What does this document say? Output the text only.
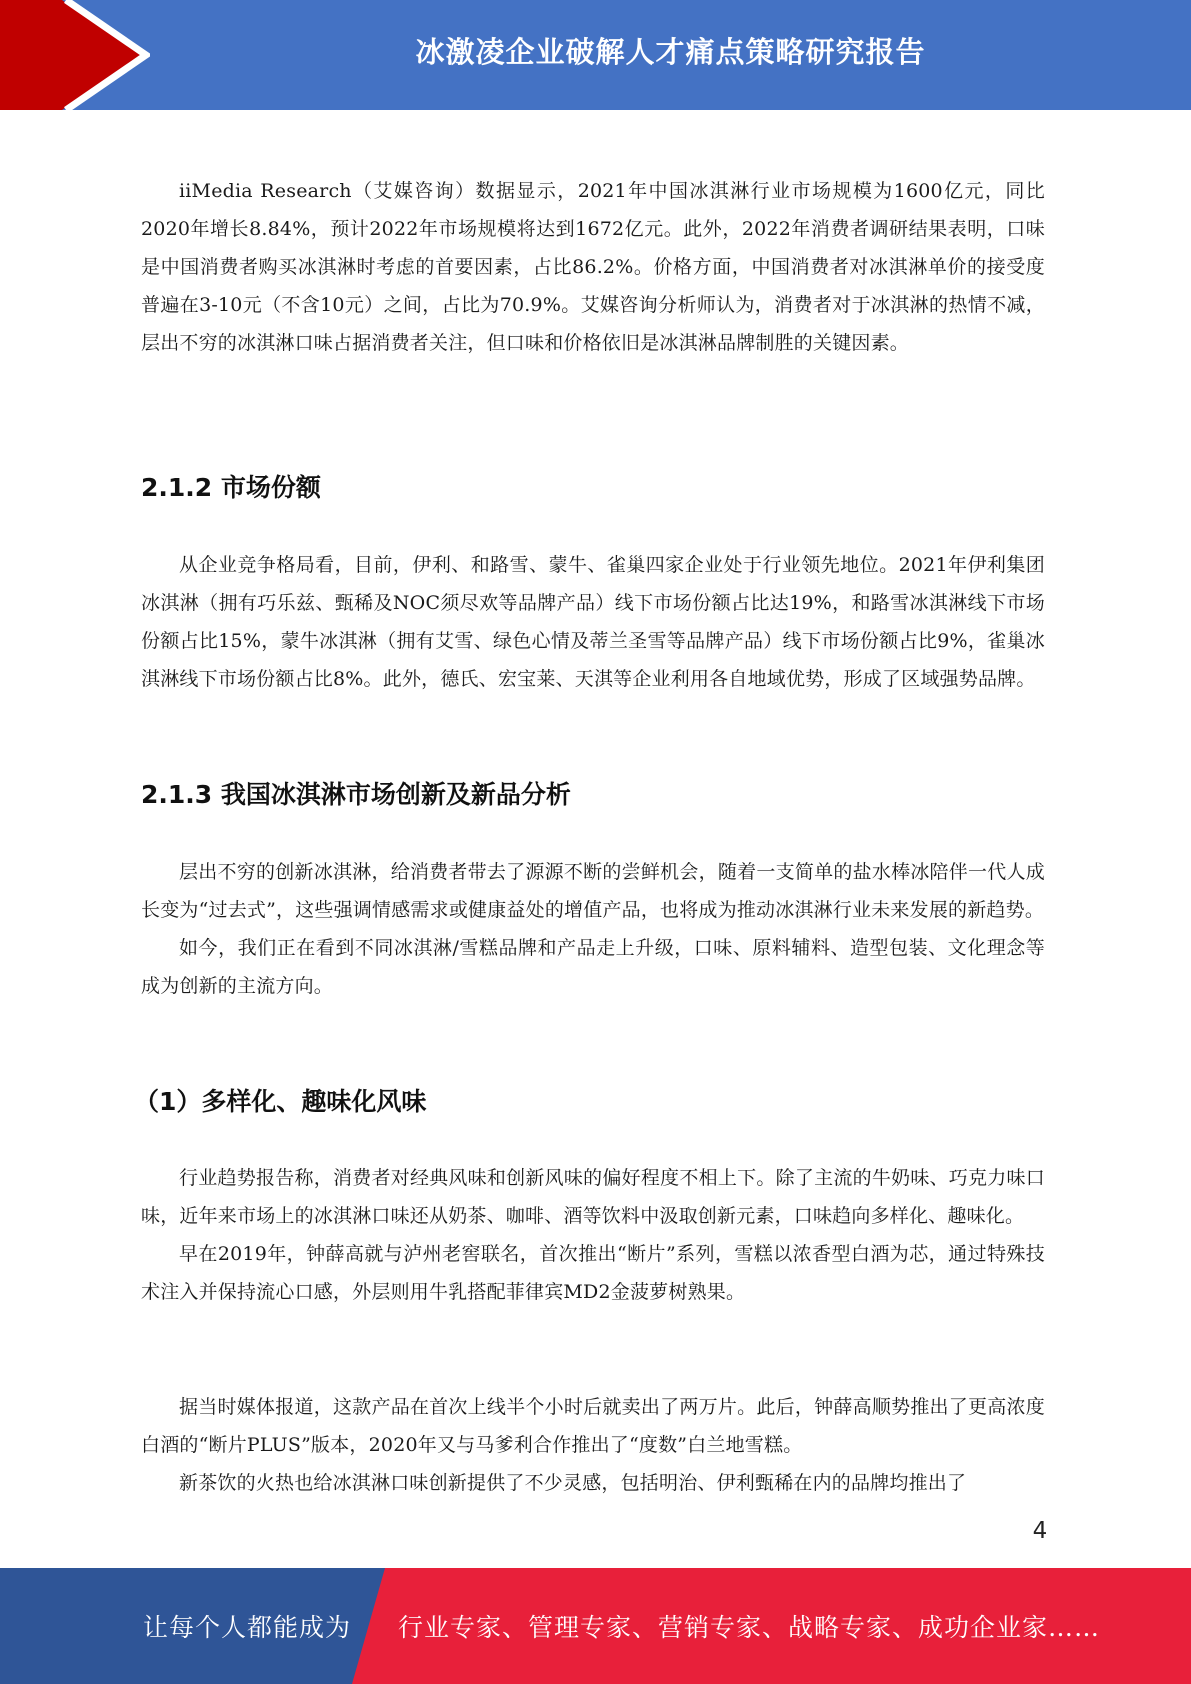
冰激凌企业破解人才痛点策略研究报告

iiMedia Research（艾媒咨询）数据显示，2021年中国冰淇淋行业市场规模为1600亿元，同比2020年增长8.84%，预计2022年市场规模将达到1672亿元。此外，2022年消费者调研结果表明，口味是中国消费者购买冰淇淋时考虑的首要因素，占比86.2%。价格方面，中国消费者对冰淇淋单价的接受度普遍在3-10元（不含10元）之间，占比为70.9%。艾媒咨询分析师认为，消费者对于冰淇淋的热情不减，层出不穷的冰淇淋口味占据消费者关注，但口味和价格依旧是冰淇淋品牌制胜的关键因素。

2.1.2 市场份额

从企业竞争格局看，目前，伊利、和路雪、蒙牛、雀巢四家企业处于行业领先地位。2021年伊利集团冰淇淋（拥有巧乐兹、甄稀及NOC须尽欢等品牌产品）线下市场份额占比达19%，和路雪冰淇淋线下市场份额占比15%，蒙牛冰淇淋（拥有艾雪、绿色心情及蒂兰圣雪等品牌产品）线下市场份额占比9%，雀巢冰淇淋线下市场份额占比8%。此外，德氏、宏宝莱、天淇等企业利用各自地域优势，形成了区域强势品牌。

2.1.3 我国冰淇淋市场创新及新品分析

层出不穷的创新冰淇淋，给消费者带去了源源不断的尝鲜机会，随着一支简单的盐水棒冰陪伴一代人成长变为“过去式”，这些强调情感需求或健康益处的增值产品，也将成为推动冰淇淋行业未来发展的新趋势。

如今，我们正在看到不同冰淇淋/雪糕品牌和产品走上升级，口味、原料辅料、造型包装、文化理念等成为创新的主流方向。

（1）多样化、趣味化风味

行业趋势报告称，消费者对经典风味和创新风味的偏好程度不相上下。除了主流的牛奶味、巧克力味口味，近年来市场上的冰淇淋口味还从奶茶、咖啡、酒等饮料中汲取创新元素，口味趋向多样化、趣味化。

早在2019年，钟薛高就与泸州老窖联名，首次推出“断片”系列，雪糕以浓香型白酒为芯，通过特殊技术注入并保持流心口感，外层则用牛乳搭配菲律宾MD2金菠萝树熟果。

据当时媒体报道，这款产品在首次上线半个小时后就卖出了两万片。此后，钟薛高顺势推出了更高浓度白酒的“断片PLUS”版本，2020年又与马爹利合作推出了“度数”白兰地雪糕。

新茶饮的火热也给冰淇淋口味创新提供了不少灵感，包括明治、伊利甄稀在内的品牌均推出了

4
让每个人都能成为 行业专家、管理专家、营销专家、战略专家、成功企业家……
